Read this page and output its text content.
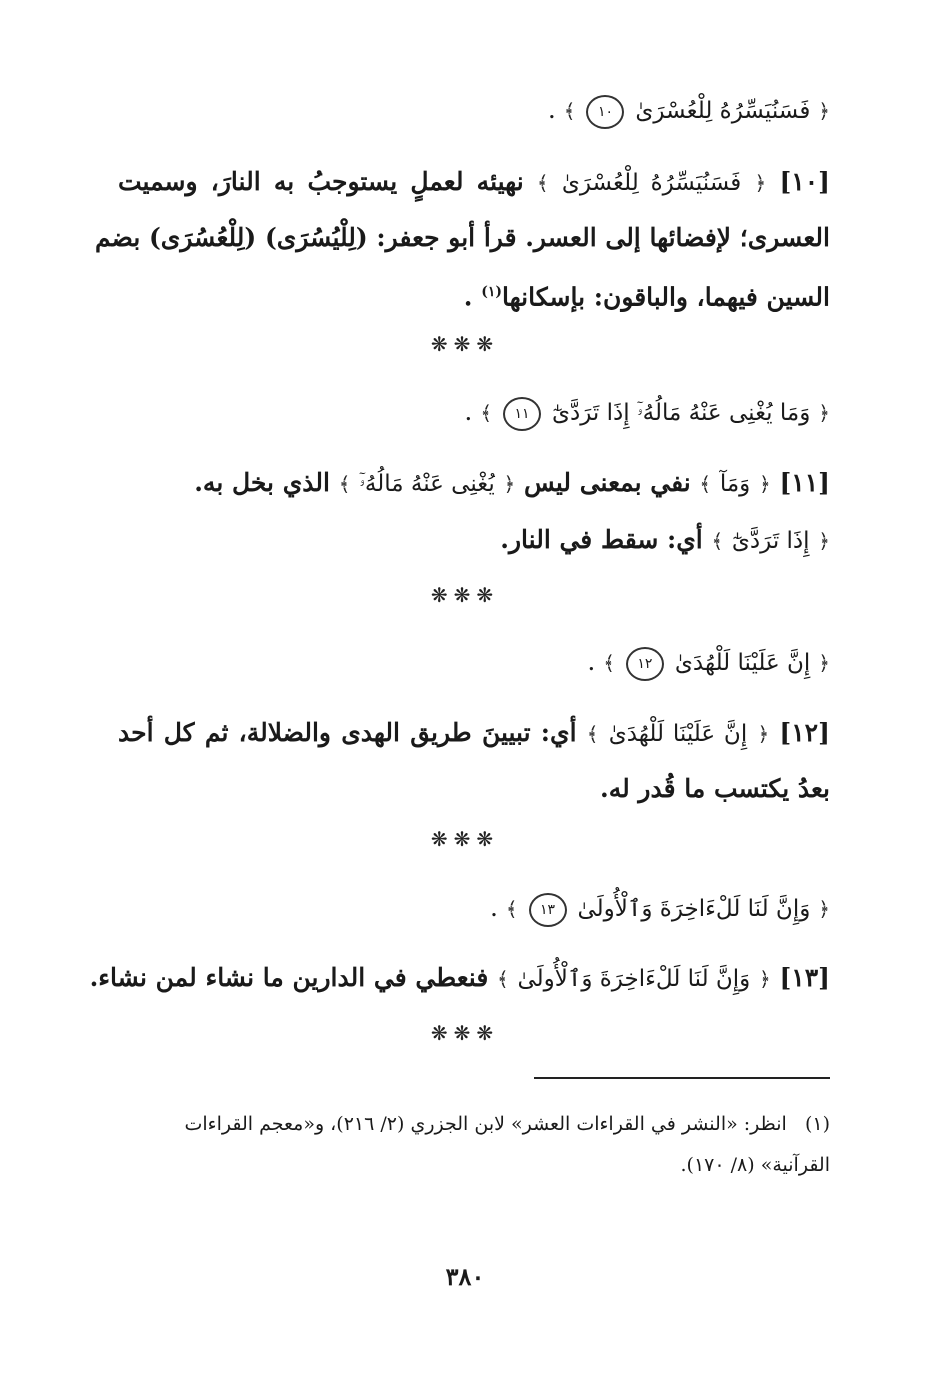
﴿ فَسَنُيَسِّرُهُ لِلْعُسْرَىٰ ١٠ ﴾ .
[١٠] ﴿ فَسَنُيَسِّرُهُ لِلْعُسْرَىٰ ﴾ نهيئه لعملٍ يستوجبُ به النارَ، وسميت
العسرى؛ لإفضائها إلى العسر. قرأ أبو جعفر: (لِلْيُسُرَى) (لِلْعُسُرَى) بضم
السين فيهما، والباقون: بإسكانها$^{(١)}$ .
❋❋❋
﴿ وَمَا يُغْنِى عَنْهُ مَالُهُۥٓ إِذَا تَرَدَّىٰٓ ١١ ﴾ .
[١١] ﴿ وَمَآ ﴾ نفي بمعنى ليس ﴿ يُغْنِى عَنْهُ مَالُهُۥٓ ﴾ الذي بخل به.
﴿ إِذَا تَرَدَّىٰٓ ﴾ أي: سقط في النار.
❋❋❋
﴿ إِنَّ عَلَيْنَا لَلْهُدَىٰ ١٢ ﴾ .
[١٢] ﴿ إِنَّ عَلَيْنَا لَلْهُدَىٰ ﴾ أي: تبيينَ طريق الهدى والضلالة، ثم كل أحد
بعدُ يكتسب ما قُدر له.
❋❋❋
﴿ وَإِنَّ لَنَا لَلْءَاخِرَةَ وَٱلْأُولَىٰ ١٣ ﴾ .
[١٣] ﴿ وَإِنَّ لَنَا لَلْءَاخِرَةَ وَٱلْأُولَىٰ ﴾ فنعطي في الدارين ما نشاء لمن نشاء.
❋❋❋
(١)   انظر: «النشر في القراءات العشر» لابن الجزري (٢/ ٢١٦)، و«معجم القراءات
القرآنية» (٨/ ١٧٠).
٣٨٠
